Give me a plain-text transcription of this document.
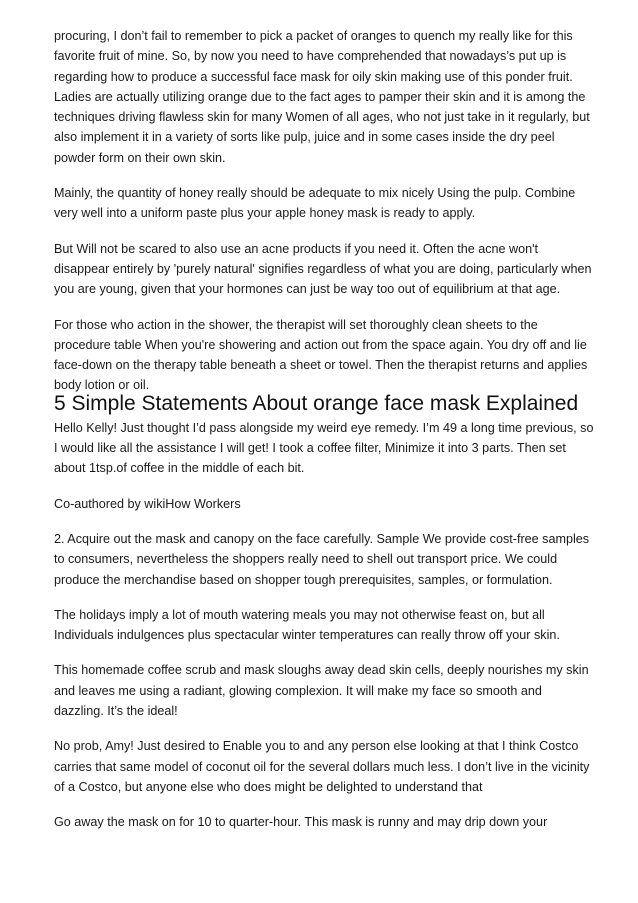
procuring, I don’t fail to remember to pick a packet of oranges to quench my really like for this favorite fruit of mine. So, by now you need to have comprehended that nowadays’s put up is regarding how to produce a successful face mask for oily skin making use of this ponder fruit. Ladies are actually utilizing orange due to the fact ages to pamper their skin and it is among the techniques driving flawless skin for many Women of all ages, who not just take in it regularly, but also implement it in a variety of sorts like pulp, juice and in some cases inside the dry peel powder form on their own skin.

Mainly, the quantity of honey really should be adequate to mix nicely Using the pulp. Combine very well into a uniform paste plus your apple honey mask is ready to apply.

But Will not be scared to also use an acne products if you need it. Often the acne won't disappear entirely by 'purely natural' signifies regardless of what you are doing, particularly when you are young, given that your hormones can just be way too out of equilibrium at that age.

For those who action in the shower, the therapist will set thoroughly clean sheets to the procedure table When you're showering and action out from the space again. You dry off and lie face-down on the therapy table beneath a sheet or towel. Then the therapist returns and applies body lotion or oil.

5 Simple Statements About orange face mask Explained

Hello Kelly! Just thought I’d pass alongside my weird eye remedy. I’m 49 a long time previous, so I would like all the assistance I will get! I took a coffee filter, Minimize it into 3 parts. Then set about 1tsp.of coffee in the middle of each bit.

Co-authored by wikiHow Workers

2. Acquire out the mask and canopy on the face carefully. Sample We provide cost-free samples to consumers, nevertheless the shoppers really need to shell out transport price. We could produce the merchandise based on shopper tough prerequisites, samples, or formulation.

The holidays imply a lot of mouth watering meals you may not otherwise feast on, but all Individuals indulgences plus spectacular winter temperatures can really throw off your skin.

This homemade coffee scrub and mask sloughs away dead skin cells, deeply nourishes my skin and leaves me using a radiant, glowing complexion. It will make my face so smooth and dazzling. It’s the ideal!

No prob, Amy! Just desired to Enable you to and any person else looking at that I think Costco carries that same model of coconut oil for the several dollars much less. I don’t live in the vicinity of a Costco, but anyone else who does might be delighted to understand that

Go away the mask on for 10 to quarter-hour. This mask is runny and may drip down your
